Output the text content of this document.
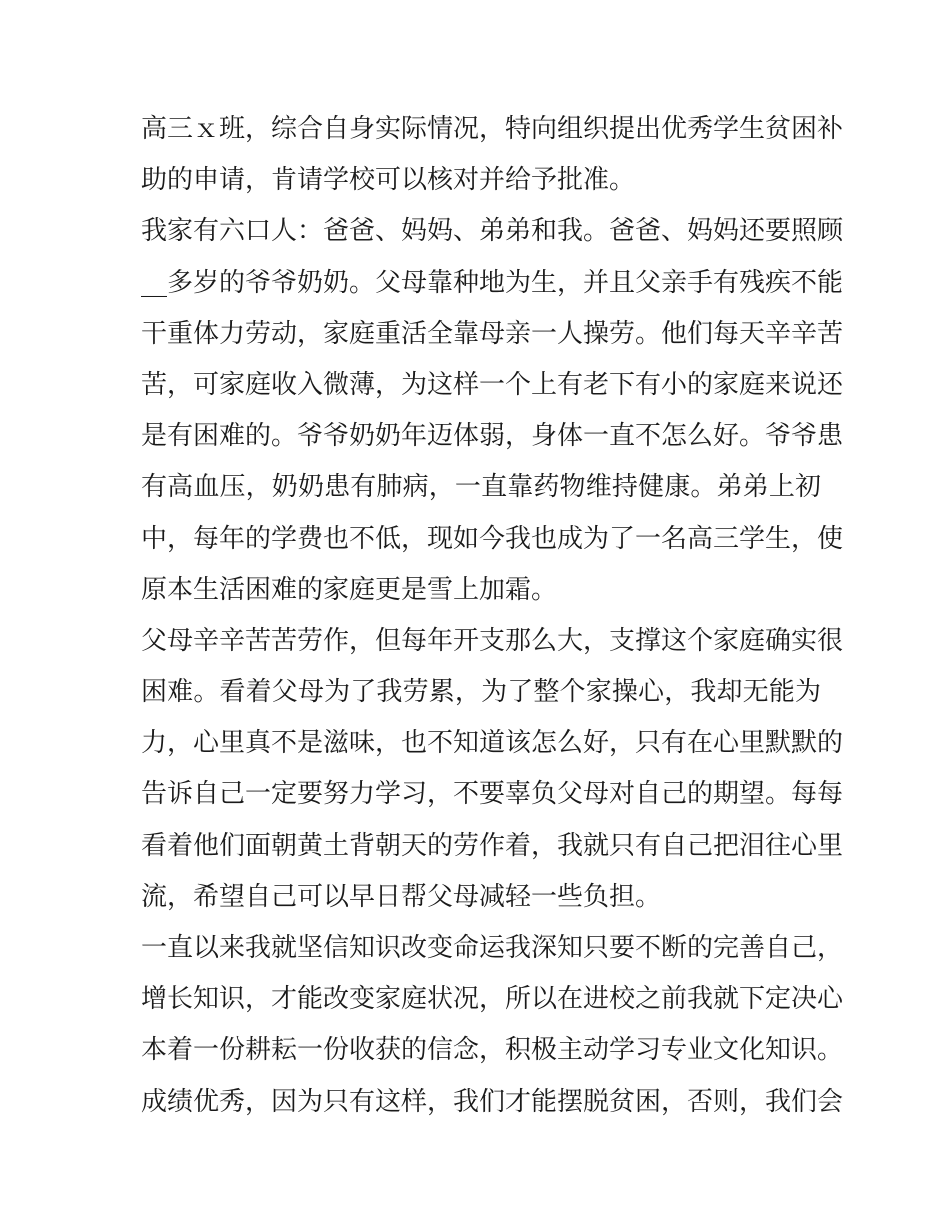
高三ｘ班，综合自身实际情况，特向组织提出优秀学生贫困补
助的申请，肯请学校可以核对并给予批准。
我家有六口人：爸爸、妈妈、弟弟和我。爸爸、妈妈还要照顾
__多岁的爷爷奶奶。父母靠种地为生，并且父亲手有残疾不能
干重体力劳动，家庭重活全靠母亲一人操劳。他们每天辛辛苦
苦，可家庭收入微薄，为这样一个上有老下有小的家庭来说还
是有困难的。爷爷奶奶年迈体弱，身体一直不怎么好。爷爷患
有高血压，奶奶患有肺病，一直靠药物维持健康。弟弟上初
中，每年的学费也不低，现如今我也成为了一名高三学生，使
原本生活困难的家庭更是雪上加霜。
父母辛辛苦苦劳作，但每年开支那么大，支撑这个家庭确实很
困难。看着父母为了我劳累，为了整个家操心，我却无能为
力，心里真不是滋味，也不知道该怎么好，只有在心里默默的
告诉自己一定要努力学习，不要辜负父母对自己的期望。每每
看着他们面朝黄土背朝天的劳作着，我就只有自己把泪往心里
流，希望自己可以早日帮父母减轻一些负担。
一直以来我就坚信知识改变命运我深知只要不断的完善自己，
增长知识，才能改变家庭状况，所以在进校之前我就下定决心
本着一份耕耘一份收获的信念，积极主动学习专业文化知识。
成绩优秀，因为只有这样，我们才能摆脱贫困，否则，我们会
